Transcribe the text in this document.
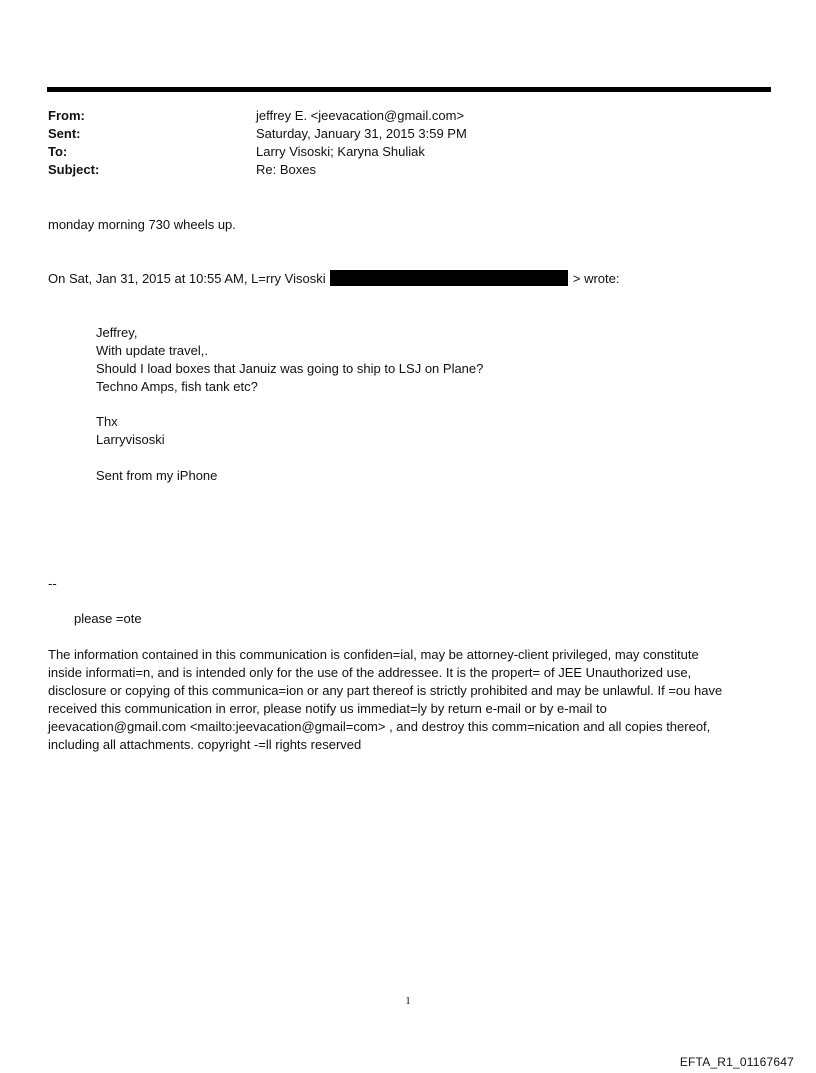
From:	jeffrey E. <jeevacation@gmail.com>
Sent:	Saturday, January 31, 2015 3:59 PM
To:	Larry Visoski; Karyna Shuliak
Subject:	Re: Boxes
monday morning 730 wheels up.
On Sat, Jan 31, 2015 at 10:55 AM, L=rry Visoski	> wrote:
Jeffrey,
With update travel,.
Should I load boxes that Januiz was going to ship to LSJ on Plane?
Techno Amps, fish tank etc?
Thx
Larryvisoski
Sent from my iPhone
--
please =ote
The information contained in this communication is confiden=ial, may be attorney-client privileged, may constitute
inside informati=n, and is intended only for the use of the addressee. It is the propert= of JEE Unauthorized use,
disclosure or copying of this communica=ion or any part thereof is strictly prohibited and may be unlawful. If =ou have
received this communication in error, please notify us immediat=ly by return e-mail or by e-mail to
jeevacation@gmail.com <mailto:jeevacation@gmail=com> , and destroy this comm=nication and all copies thereof,
including all attachments. copyright -=ll rights reserved
1
EFTA_R1_01167647
